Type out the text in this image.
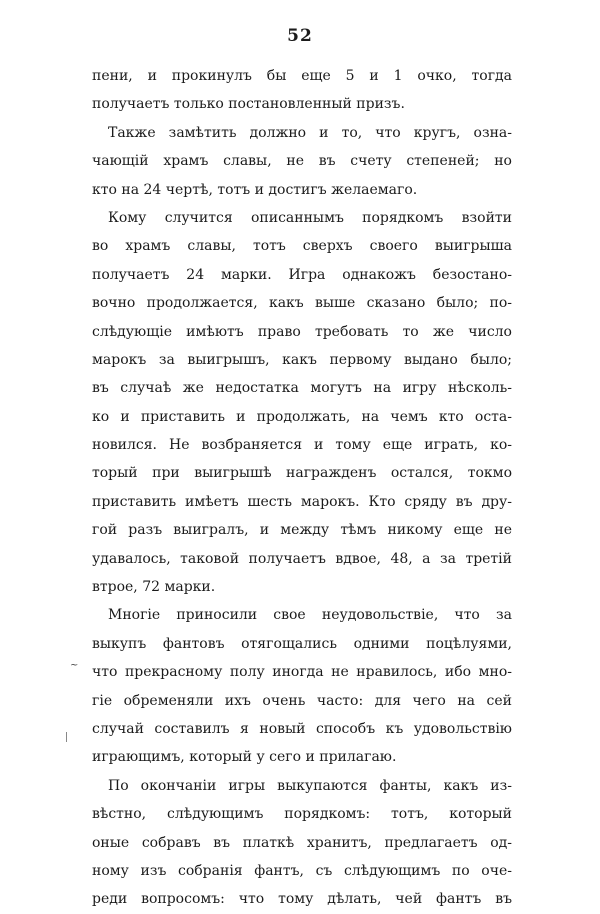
52
пени, и прокинулъ бы еще 5 и 1 очко, тогда
получаетъ только постановленный призъ.
Также замѣтить должно и то, что кругъ, озна-
чающій храмъ славы, не въ счету степеней; но
кто на 24 чертѣ, тотъ и достигъ желаемаго.
Кому случится описаннымъ порядкомъ взойти
во храмъ славы, тотъ сверхъ своего выигрыша
получаетъ 24 марки. Игра однакожъ безостано-
вочно продолжается, какъ выше сказано было; по-
слѣдующіе имѣютъ право требовать то же число
марокъ за выигрышъ, какъ первому выдано было;
въ случаѣ же недостатка могутъ на игру нѣсколь-
ко и приставить и продолжать, на чемъ кто оста-
новился. Не возбраняется и тому еще играть, ко-
торый при выигрышѣ награжденъ остался, токмо
приставить имѣетъ шесть марокъ. Кто сряду въ дру-
гой разъ выигралъ, и между тѣмъ никому еще не
удавалось, таковой получаетъ вдвое, 48, а за третій
втрое, 72 марки.
Многіе приносили свое неудовольствіе, что за
выкупъ фантовъ отягощались одними поцѣлуями,
что прекрасному полу иногда не нравилось, ибо мно-
гіе обременяли ихъ очень часто: для чего на сей
случай составилъ я новый способъ къ удовольствію
играющимъ, который у сего и прилагаю.
По окончаніи игры выкупаются фанты, какъ из-
вѣстно, слѣдующимъ порядкомъ: тотъ, который
оные собравъ въ платкѣ хранитъ, предлагаетъ од-
ному изъ собранія фантъ, съ слѣдующимъ по оче-
реди вопросомъ: что тому дѣлать, чей фантъ въ
~
